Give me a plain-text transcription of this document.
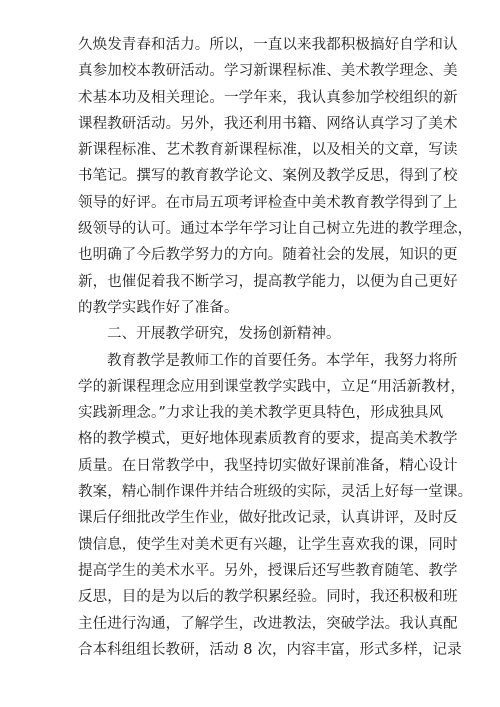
久焕发青春和活力。所以，一直以来我都积极搞好自学和认
真参加校本教研活动。学习新课程标准、美术教学理念、美
术基本功及相关理论。一学年来，我认真参加学校组织的新
课程教研活动。另外，我还利用书籍、网络认真学习了美术
新课程标准、艺术教育新课程标准，以及相关的文章，写读
书笔记。撰写的教育教学论文、案例及教学反思，得到了校
领导的好评。在市局五项考评检查中美术教育教学得到了上
级领导的认可。通过本学年学习让自己树立先进的教学理念，
也明确了今后教学努力的方向。随着社会的发展，知识的更
新，也催促着我不断学习，提高教学能力，以便为自己更好
的教学实践作好了准备。
二、开展教学研究，发扬创新精神。
教育教学是教师工作的首要任务。本学年，我努力将所
学的新课程理念应用到课堂教学实践中，立足“用活新教材，
实践新理念。”力求让我的美术教学更具特色，形成独具风
格的教学模式，更好地体现素质教育的要求，提高美术教学
质量。在日常教学中，我坚持切实做好课前准备，精心设计
教案，精心制作课件并结合班级的实际，灵活上好每一堂课。
课后仔细批改学生作业，做好批改记录，认真讲评，及时反
馈信息，使学生对美术更有兴趣，让学生喜欢我的课，同时
提高学生的美术水平。另外，授课后还写些教育随笔、教学
反思，目的是为以后的教学积累经验。同时，我还积极和班
主任进行沟通，了解学生，改进教法，突破学法。我认真配
合本科组组长教研，活动 8 次，内容丰富，形式多样，记录
